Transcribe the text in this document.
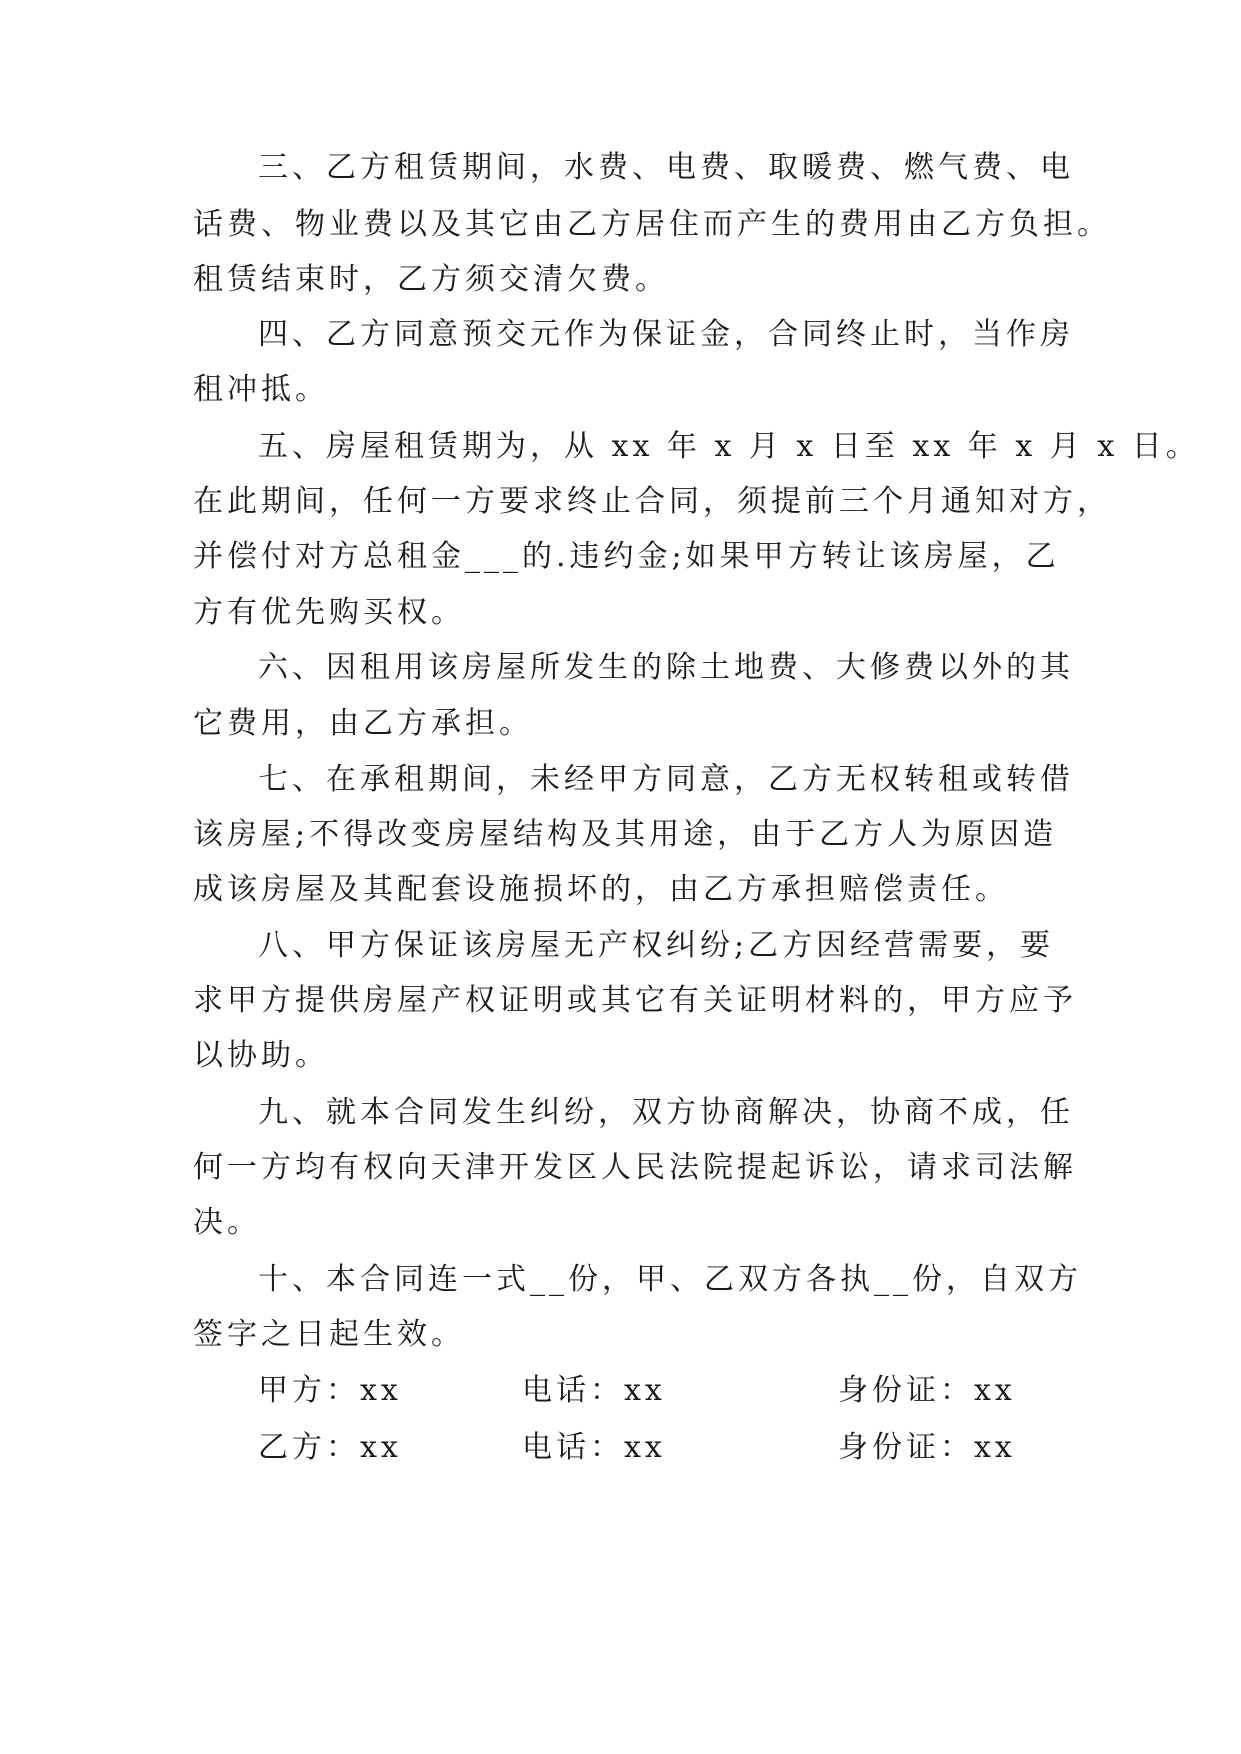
三、乙方租赁期间，水费、电费、取暖费、燃气费、电
话费、物业费以及其它由乙方居住而产生的费用由乙方负担。
租赁结束时，乙方须交清欠费。
四、乙方同意预交元作为保证金，合同终止时，当作房
租冲抵。
五、房屋租赁期为，从 xx 年 x 月 x 日至 xx 年 x 月 x 日。
在此期间，任何一方要求终止合同，须提前三个月通知对方，
并偿付对方总租金___的.违约金;如果甲方转让该房屋，乙
方有优先购买权。
六、因租用该房屋所发生的除土地费、大修费以外的其
它费用，由乙方承担。
七、在承租期间，未经甲方同意，乙方无权转租或转借
该房屋;不得改变房屋结构及其用途，由于乙方人为原因造
成该房屋及其配套设施损坏的，由乙方承担赔偿责任。
八、甲方保证该房屋无产权纠纷;乙方因经营需要，要
求甲方提供房屋产权证明或其它有关证明材料的，甲方应予
以协助。
九、就本合同发生纠纷，双方协商解决，协商不成，任
何一方均有权向天津开发区人民法院提起诉讼，请求司法解
决。
十、本合同连一式__份，甲、乙双方各执__份，自双方
签字之日起生效。
甲方：xx	电话：xx	身份证：xx
乙方：xx	电话：xx	身份证：xx
